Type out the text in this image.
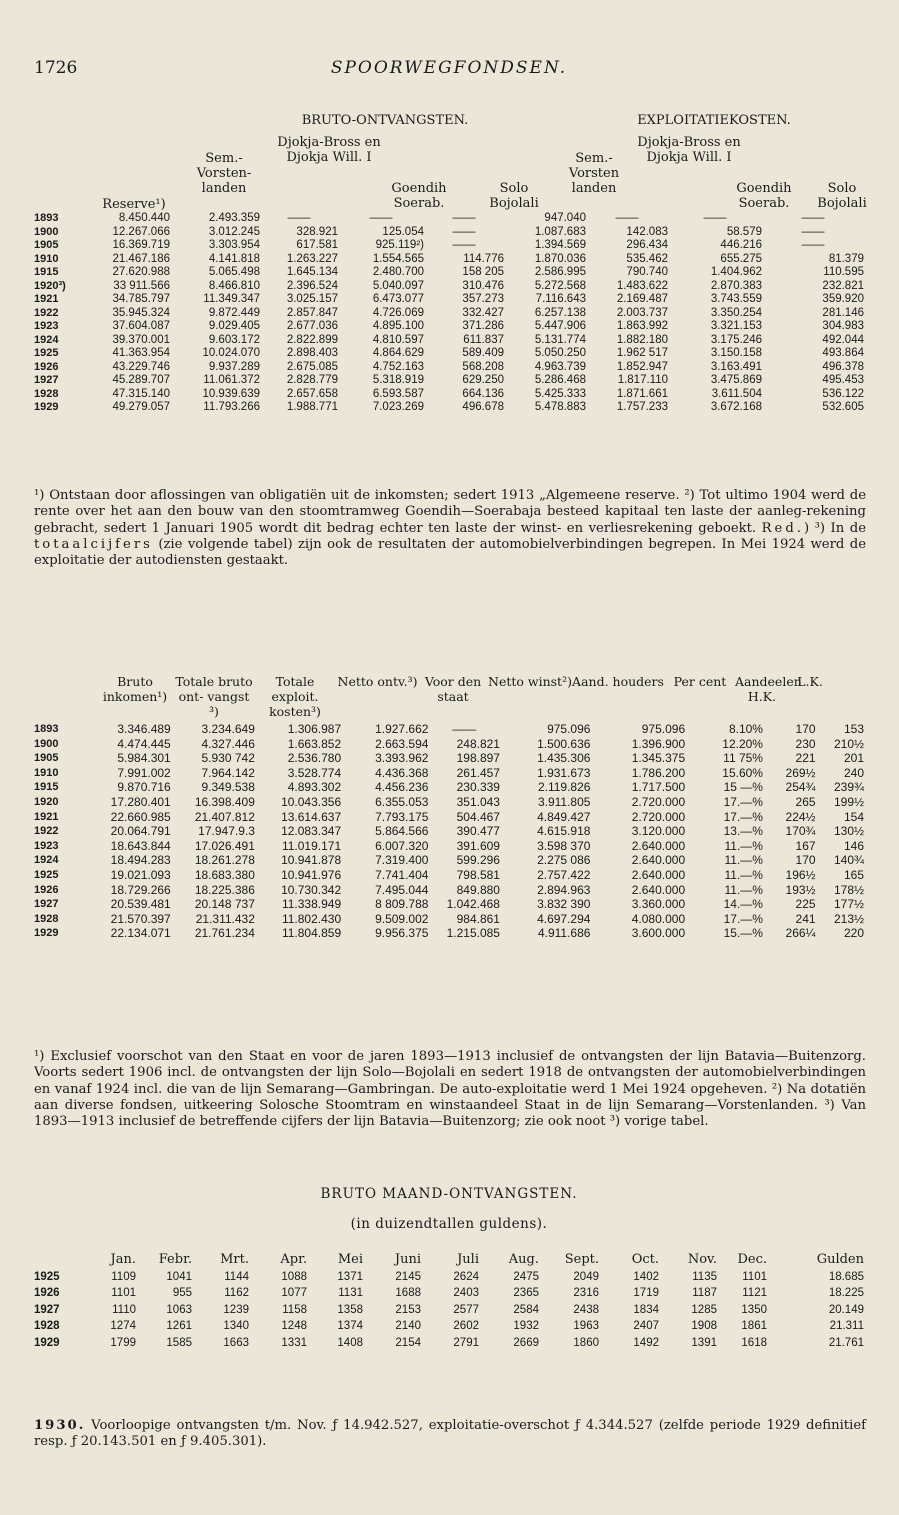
1726	SPOORWEGFONDSEN.
BRUTO-ONTVANGSTEN.	EXPLOITATIEKOSTEN.
Reserve¹)
Sem.- Vorsten- landen
Djokja-Bross en Djokja Will. I
Goendih Soerab.
Solo Bojolali
Sem.- Vorsten landen
Djokja-Bross en Djokja Will. I
Goendih Soerab.
Solo Bojolali
1893	8.450.440	2.493.359	——	——	——	947.040	——	——	——
1900	12.267.066	3.012.245	328.921	125.054	——	1.087.683	142.083	58.579	——
1905	16.369.719	3.303.954	617.581	925.119²)	——	1.394.569	296.434	446.216	——
1910	21.467.186	4.141.818	1.263.227	1.554.565	114.776	1.870.036	535.462	655.275	81.379
1915	27.620.988	5.065.498	1.645.134	2.480.700	158 205	2.586.995	790.740	1.404.962	110.595
1920³)	33 911.566	8.466.810	2.396.524	5.040.097	310.476	5.272.568	1.483.622	2.870.383	232.821
1921	34.785.797	11.349.347	3.025.157	6.473.077	357.273	7.116.643	2.169.487	3.743.559	359.920
1922	35.945.324	9.872.449	2.857.847	4.726.069	332.427	6.257.138	2.003.737	3.350.254	281.146
1923	37.604.087	9.029.405	2.677.036	4.895.100	371.286	5.447.906	1.863.992	3.321.153	304.983
1924	39.370.001	9.603.172	2.822.899	4.810.597	611.837	5.131.774	1.882.180	3.175.246	492.044
1925	41.363.954	10.024.070	2.898.403	4.864.629	589.409	5.050.250	1.962 517	3.150.158	493.864
1926	43.229.746	9.937.289	2.675.085	4.752.163	568.208	4.963.739	1.852.947	3.163.491	496.378
1927	45.289.707	11.061.372	2.828.779	5.318.919	629.250	5.286.468	1.817.110	3.475.869	495.453
1928	47.315.140	10.939.639	2.657.658	6.593.587	664.136	5.425.333	1.871.661	3.611.504	536.122
1929	49.279.057	11.793.266	1.988.771	7.023.269	496.678	5.478.883	1.757.233	3.672.168	532.605

¹) Ontstaan door aflossingen van obligatiën uit de inkomsten; sedert 1913 „Algemeene reserve. ²) Tot ultimo 1904 werd de rente over het aan den bouw van den stoomtramweg Goendih—Soerabaja besteed kapitaal ten laste der aanleg-rekening gebracht, sedert 1 Januari 1905 wordt dit bedrag echter ten laste der winst- en verliesrekening geboekt. Red.) ³) In de totaalcijfers (zie volgende tabel) zijn ook de resultaten der automobielverbindingen begrepen. In Mei 1924 werd de exploitatie der autodiensten gestaakt.

Bruto inkomen¹)
Totale bruto ont- vangst ³)
Totale exploit. kosten³)
Netto ontv.³) Voor den staat
Netto winst²) Aand. houders Per cent Aandeelen H.K.
L.K.
1893	3.346.489	3.234.649	1.306.987	1.927.662	——	975.096	975.096	8.10%	170	153
1900	4.474.445	4.327.446	1.663.852	2.663.594	248.821	1.500.636	1.396.900	12.20%	230	210½
1905	5.984.301	5.930 742	2.536.780	3.393.962	198.897	1.435.306	1.345.375	11 75%	221	201
1910	7.991.002	7.964.142	3.528.774	4.436.368	261.457	1.931.673	1.786.200	15.60%	269½	240
1915	9.870.716	9.349.538	4.893.302	4.456.236	230.339	2.119.826	1.717.500	15 —%	254¾	239¾
1920	17.280.401	16.398.409	10.043.356	6.355.053	351.043	3.911.805	2.720.000	17.—%	265	199½
1921	22.660.985	21.407.812	13.614.637	7.793.175	504.467	4.849.427	2.720.000	17.—%	224½	154
1922	20.064.791	17.947.9.3	12.083.347	5.864.566	390.477	4.615.918	3.120.000	13.—%	170¾	130½
1923	18.643.844	17.026.491	11.019.171	6.007.320	391.609	3.598 370	2.640.000	11.—%	167	146
1924	18.494.283	18.261.278	10.941.878	7.319.400	599.296	2.275 086	2.640.000	11.—%	170	140¾
1925	19.021.093	18.683.380	10.941.976	7.741.404	798.581	2.757.422	2.640.000	11.—%	196½	165
1926	18.729.266	18.225.386	10.730.342	7.495.044	849.880	2.894.963	2.640.000	11.—%	193½	178½
1927	20.539.481	20.148 737	11.338.949	8 809.788	1.042.468	3.832 390	3.360.000	14.—%	225	177½
1928	21.570.397	21.311.432	11.802.430	9.509.002	984.861	4.697.294	4.080.000	17.—%	241	213½
1929	22.134.071	21.761.234	11.804.859	9.956.375	1.215.085	4.911.686	3.600.000	15.—%	266¼	220

¹) Exclusief voorschot van den Staat en voor de jaren 1893—1913 inclusief de ontvangsten der lijn Batavia—Buitenzorg. Voorts sedert 1906 incl. de ontvangsten der lijn Solo—Bojolali en sedert 1918 de ontvangsten der automobielverbindingen en vanaf 1924 incl. die van de lijn Semarang—Gambringan. De auto-exploitatie werd 1 Mei 1924 opgeheven. ²) Na dotatiën aan diverse fondsen, uitkeering Solosche Stoomtram en winstaandeel Staat in de lijn Semarang—Vorstenlanden. ³) Van 1893—1913 inclusief de betreffende cijfers der lijn Batavia—Buitenzorg; zie ook noot ³) vorige tabel.

BRUTO MAAND-ONTVANGSTEN.
(in duizendtallen guldens).
	Jan.	Febr.	Mrt.	Apr.	Mei	Juni	Juli	Aug.	Sept.	Oct.	Nov.	Dec.	Gulden
1925	1109	1041	1144	1088	1371	2145	2624	2475	2049	1402	1135	1101	18.685
1926	1101	955	1162	1077	1131	1688	2403	2365	2316	1719	1187	1121	18.225
1927	1110	1063	1239	1158	1358	2153	2577	2584	2438	1834	1285	1350	20.149
1928	1274	1261	1340	1248	1374	2140	2602	1932	1963	2407	1908	1861	21.311
1929	1799	1585	1663	1331	1408	2154	2791	2669	1860	1492	1391	1618	21.761

1930. Voorloopige ontvangsten t/m. Nov. ƒ 14.942.527, exploitatie-overschot ƒ 4.344.527 (zelfde periode 1929 definitief resp. ƒ 20.143.501 en ƒ 9.405.301).
